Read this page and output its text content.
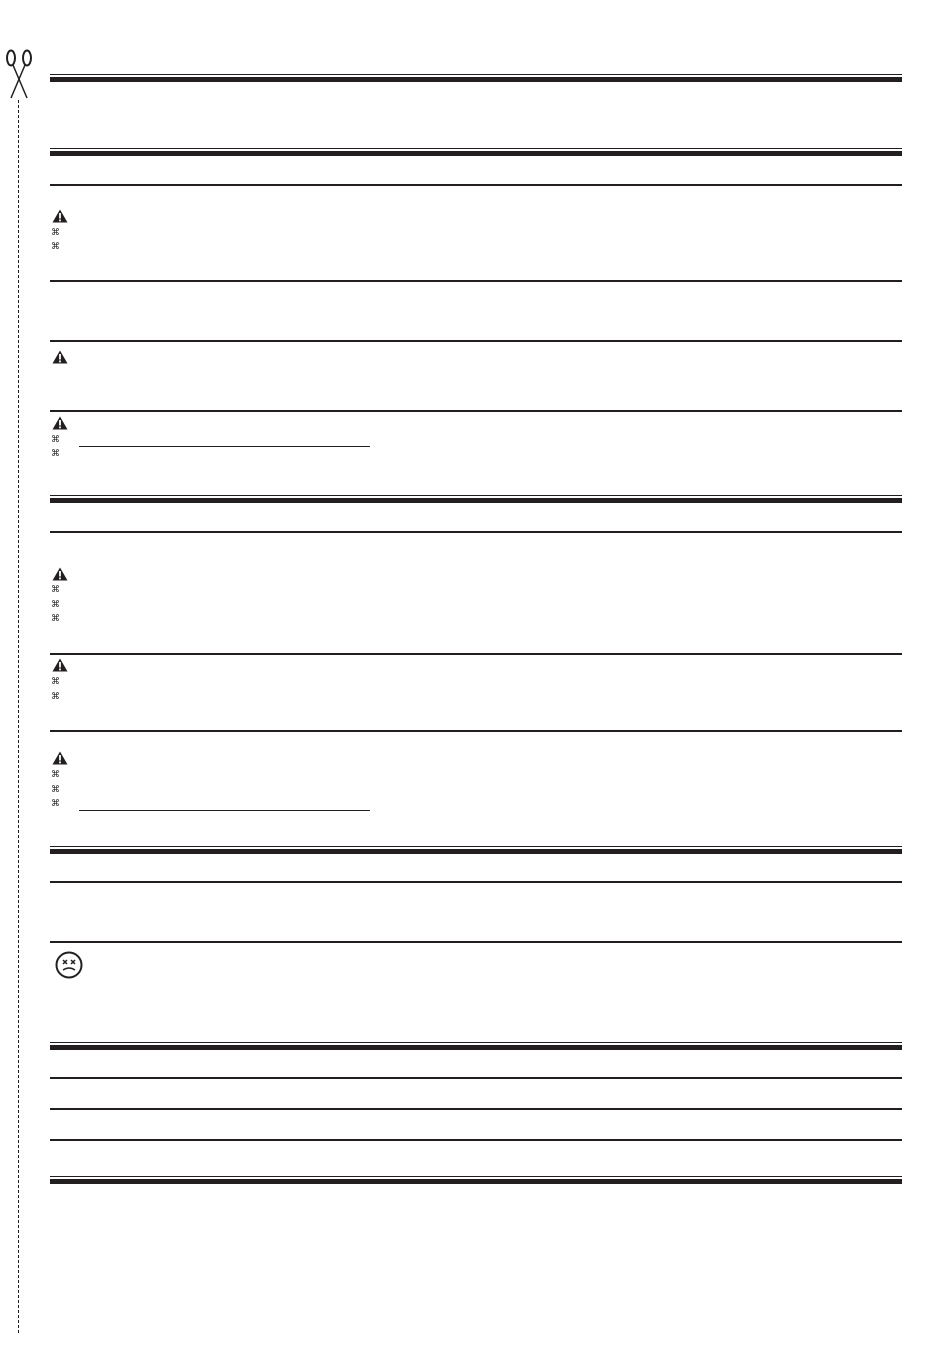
⌘
⌘
⌘
⌘
⌘
⌘
⌘
⌘
⌘
⌘
⌘
⌘
